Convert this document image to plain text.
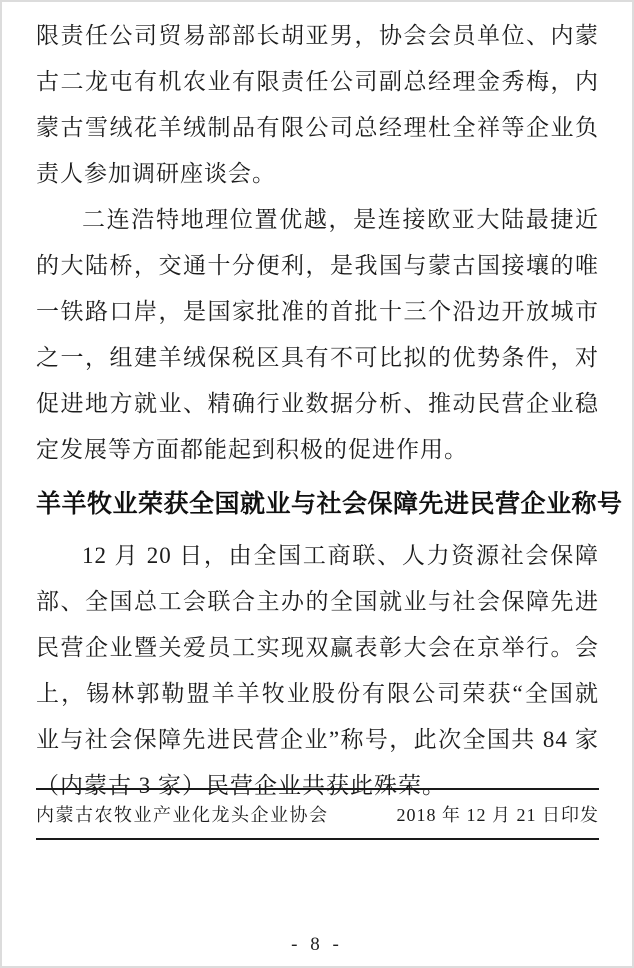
限责任公司贸易部部长胡亚男，协会会员单位、内蒙古二龙屯有机农业有限责任公司副总经理金秀梅，内蒙古雪绒花羊绒制品有限公司总经理杜全祥等企业负责人参加调研座谈会。

二连浩特地理位置优越，是连接欧亚大陆最捷近的大陆桥，交通十分便利，是我国与蒙古国接壤的唯一铁路口岸，是国家批准的首批十三个沿边开放城市之一，组建羊绒保税区具有不可比拟的优势条件，对促进地方就业、精确行业数据分析、推动民营企业稳定发展等方面都能起到积极的促进作用。

羊羊牧业荣获全国就业与社会保障先进民营企业称号

12 月 20 日，由全国工商联、人力资源社会保障部、全国总工会联合主办的全国就业与社会保障先进民营企业暨关爱员工实现双赢表彰大会在京举行。会上，锡林郭勒盟羊羊牧业股份有限公司荣获“全国就业与社会保障先进民营企业”称号，此次全国共 84 家（内蒙古 3 家）民营企业共获此殊荣。

内蒙古农牧业产业化龙头企业协会	2018 年 12 月 21 日印发
- 8 -
